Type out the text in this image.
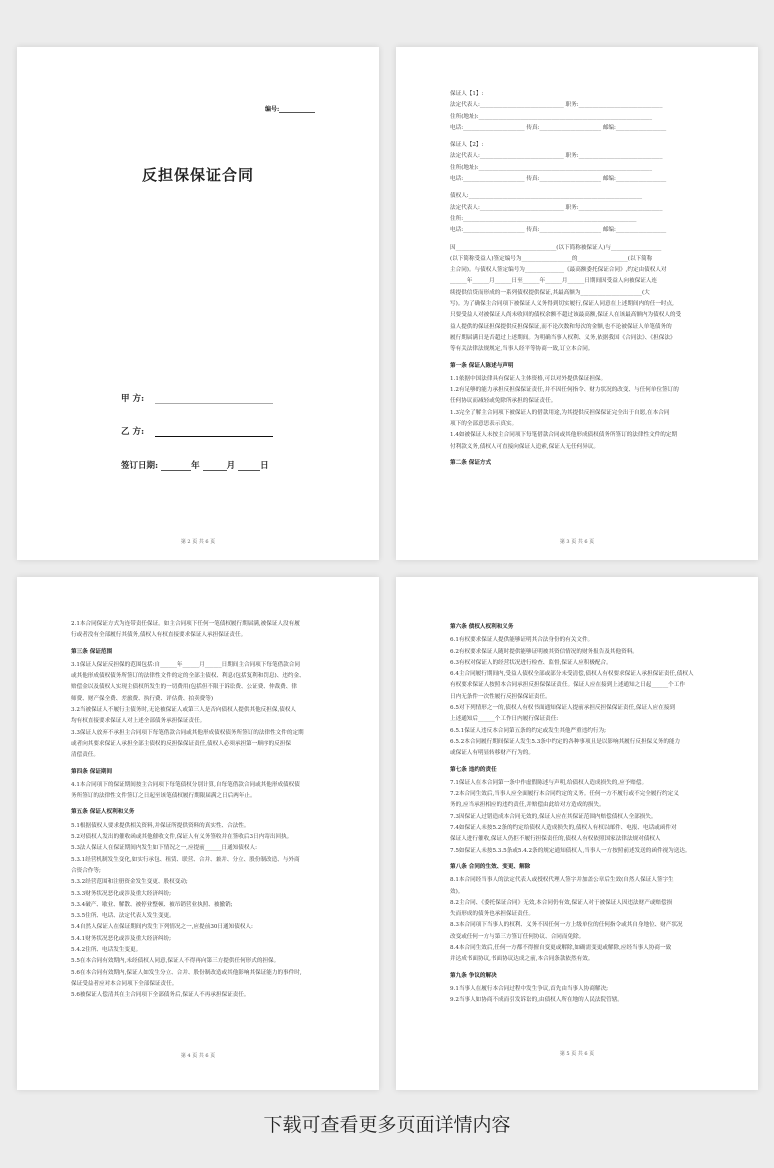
编号:
反担保保证合同
甲 方:
乙 方:
签订日期:	年	月	日
第 2 页 共 6 页

保证人【1】:

法定代表人:______________________________ 职务:______________________________

住所(地址):______________________________________________________________

电话:______________________ 传真:______________________ 邮编:__________________

保证人【2】:

法定代表人:______________________________ 职务:______________________________

住所(地址):______________________________________________________________

电话:______________________ 传真:______________________ 邮编:__________________

债权人:______________________________________________________________

法定代表人:______________________________ 职务:______________________________

住所:______________________________________________________________

电话:______________________ 传真:______________________ 邮编:__________________

因____________________________________(以下简称被保证人)与__________________

(以下简称受益人)签定编号为__________________的__________________(以下简称

主合同)。与债权人签定编号为______________《最高额委托保证合同》,约定由债权人对

______年______月______日至______年______月______日期间因受益人向被保证人连

续提供信贷而形成的一系列债权提供保证,其最高额为______________________(大

写)。为了确保主合同项下被保证人义务得到切实履行,保证人同意在上述期间内的任一时点,

只要受益人对被保证人尚未收回的债权余额不超过该最高额,保证人在该最高额内为债权人的受

益人提供的保证担保提供反担保保证,而不论次数和每次的金额,也不论被保证人单笔债务的

履行期届满日是否超过上述期间。为明确当事人权利、义务,依据我国《合同法》、《担保法》

等有关法律法规规定,当事人经平等协商一致,订立本合同。

第一条 保证人陈述与声明

1.1依据中国法律具有保证人主体资格,可以对外提供保证担保。

1.2有足够的能力承担反担保保证责任,并不因任何指令、财力状况的改变、与任何单位签订的

任何协议而减轻或免除所承担的保证责任。

1.3完全了解主合同项下被保证人的借款用途,为其提供反担保保证完全出于自愿,在本合同

项下的全部意思表示真实。

1.4如被保证人未按主合同项下每笔借款合同或其他形成债权债务所签订的法律性文件的定期

付利款义务,债权人可直接向保证人追索,保证人无任何异议。

第二条 保证方式

第 3 页 共 6 页

2.1本合同保证方式为连带责任保证。如主合同项下任何一笔债权履行期届满,被保证人没有履

行或者没有全部履行其债务,债权人有权直接要求保证人承担保证责任。

第三条 保证范围

3.1保证人保证反担保的范围包括:自______年______月______日期间主合同项下每笔借款合同

或其他形成债权债务所签订的法律性文件的定的全部主债权、利息(包括复利和罚息)、违约金、

赔偿金以及债权人实现主债权所发生的一切费用(包括但不限于诉讼费、公证费、仲裁费、律

师费、财产保全费、差旅费、执行费、评估费、拍卖费等)

3.2当被保证人不履行主债务时,无论被保证人或第三人是否向债权人提供其他反担保,债权人

均有权直接要求保证人对上述全部债务承担保证责任。

3.3保证人放弃不承担主合同项下每笔借款合同或其他形成债权债务所签订的法律性文件的定期

或者向其要求保证人承担全部主债权的反担保保证责任,债权人必须承担第一顺序的反担保

清偿责任。

第四条 保证期间

4.1本合同项下的保证期间按主合同项下每笔债权分别计算,自每笔借款合同或其他形成债权债

务所签订的法律性文件签订之日起至该笔债权履行期限届满之日后两年止。

第五条 保证人权利和义务

5.1根据债权人要求提供相关资料,并保证所提供资料的真实性、合法性。

5.2对债权人发出的催收函或其他催收文件,保证人有义务签收并在签收后3日内寄出回执。

5.3法人保证人在保证期间内发生如下情况之一,应提前______日通知债权人:

5.3.1经营机制发生变化,如实行承包、租赁、联营、合并、兼并、分立、股份制改造、与外商

合资合作等;

5.3.2经营范围和注册资金发生变更、股权变动;

5.3.3财务状况恶化或涉及重大经济纠纷;

5.3.4破产、歇业、解散、被停业整顿、被吊销营业执照、被撤销;

5.3.5住所、电话、法定代表人发生变更。

5.4自然人保证人在保证期间内发生下列情况之一,应提前30日通知债权人:

5.4.1财务状况恶化或涉及重大经济纠纷;

5.4.2住所、电话发生变更。

5.5在本合同有效期内,未经债权人同意,保证人不得再向第三方提供任何形式的担保。

5.6在本合同有效期内,保证人如发生分立、合并、股份制改造或其他影响其保证能力的事件时,

保证受益者应对本合同项下全部保证责任。

5.6被保证人偿清其在主合同项下全部债务后,保证人不再承担保证责任。

第 4 页 共 6 页

第六条 债权人权利和义务

6.1有权要求保证人提供能够证明其合法身份的有关文件。

6.2有权要求保证人随时提供能够证明被其资信情况的财务报告及其他资料。

6.3有权对保证人的经营状况进行检查、监督,保证人应积极配合。

6.4主合同履行期间内,受益人债权全部或部分未受清偿,债权人有权要求保证人承担保证责任,债权人

有权要求保证人按照本合同承担反担保保证责任。保证人应在接到上述通知之日起______个工作

日内无条件一次性履行反担保保证责任。

6.5对下列情形之一的,债权人有权书面通知保证人提前承担反担保保证责任,保证人应在接到

上述通知后______个工作日内履行保证责任:

6.5.1保证人违反本合同第五条的约定或发生其他严重违约行为;

6.5.2本合同履行期间保证人发生5.3条中约定的各种事项且是以影响其履行反担保义务的能力

或保证人有明显转移财产行为的。

第七条 违约的责任

7.1保证人在本合同第一条中作虚假陈述与声明,给债权人造成损失的,应予赔偿。

7.2本合同生效后,当事人应全面履行本合同约定的义务。任何一方不履行或不完全履行约定义

务的,应当承担相应的违约责任,并赔偿由此给对方造成的损失。

7.3因保证人过错造成本合同无效的,保证人应在其保证范围内赔偿债权人全部损失。

7.4如保证人未按5.2条的约定给债权人造成损失的,债权人有权以邮件、电报、电话或函件对

保证人进行催收,保证人仍拒不履行担保责任的,债权人有权依照国家法律法规对债权人

7.5如保证人未按5.3.5条或5.4.2条的规定通知债权人,当事人一方按照前述发送的函件视为送达。

第八条 合同的生效、变更、解除

8.1本合同经当事人的法定代表人或授权代理人签字并加盖公章后生效(自然人保证人签字生

效)。

8.2主合同、《委托保证合同》无效,本合同仍有效,保证人对于被保证人因违法财产或赔偿损

失而形成的债务也承担保证责任。

8.3本合同项下当事人的权利、义务不因任何一方上级单位的任何指令或其自身地位、财产状况

改变或任何一方与第三方签订任何协议、合同而免除。

8.4本合同生效后,任何一方都不得擅自变更或解除,如确需变更或解除,应经当事人协商一致

并达成书面协议,书面协议达成之前,本合同条款依然有效。

第九条 争议的解决

9.1当事人在履行本合同过程中发生争议,首先由当事人协商解决;

9.2当事人如协商不成而引发诉讼的,由债权人所在地的人民法院管辖。

第 5 页 共 6 页
下载可查看更多页面详情内容
